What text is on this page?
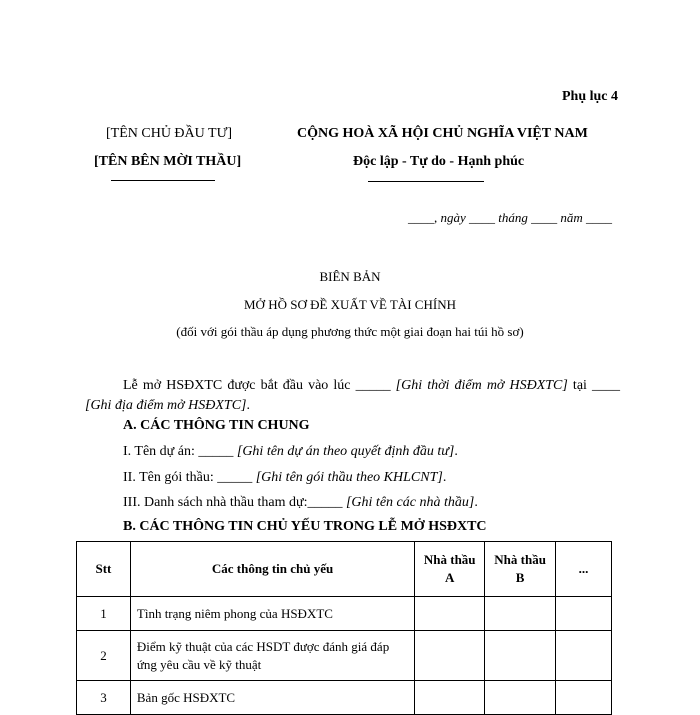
Phụ lục 4
[TÊN CHỦ ĐẦU TƯ]
[TÊN BÊN MỜI THẦU]
CỘNG HOÀ XÃ HỘI CHỦ NGHĨA VIỆT NAM
Độc lập - Tự do - Hạnh phúc
____, ngày ____ tháng ____ năm ____
BIÊN BẢN
MỞ HỒ SƠ ĐỀ XUẤT VỀ TÀI CHÍNH
(đối với gói thầu áp dụng phương thức một giai đoạn hai túi hồ sơ)
Lễ mở HSĐXTC được bắt đầu vào lúc _____ [Ghi thời điểm mở HSĐXTC] tại ____ [Ghi địa điểm mở HSĐXTC].
A. CÁC THÔNG TIN CHUNG
I. Tên dự án: _____ [Ghi tên dự án theo quyết định đầu tư].
II. Tên gói thầu: _____ [Ghi tên gói thầu theo KHLCNT].
III. Danh sách nhà thầu tham dự:_____ [Ghi tên các nhà thầu].
B. CÁC THÔNG TIN CHỦ YẾU TRONG LỄ MỞ HSĐXTC
Stt	Các thông tin chủ yếu	Nhà thầu A	Nhà thầu B	...
1	Tình trạng niêm phong của HSĐXTC			
2	Điểm kỹ thuật của các HSDT được đánh giá đáp ứng yêu cầu về kỹ thuật			
3	Bản gốc HSĐXTC			
